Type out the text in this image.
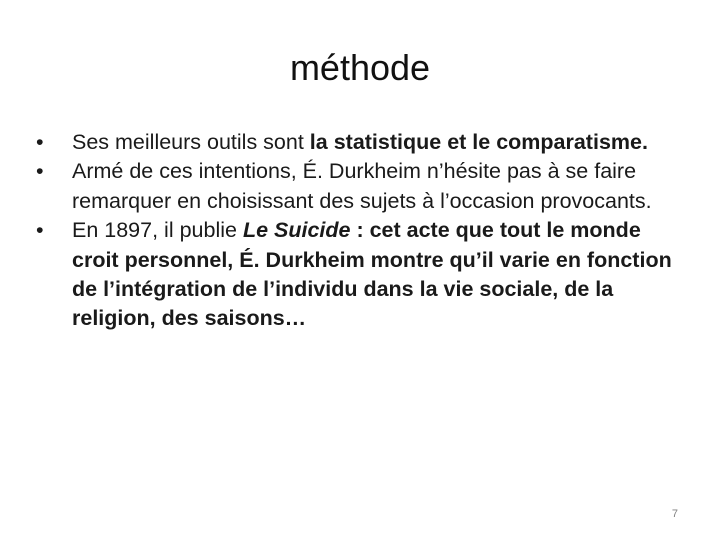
méthode
•	Ses meilleurs outils sont la statistique et le comparatisme.
•	Armé de ces intentions, É. Durkheim n’hésite pas à se faire remarquer en choisissant des sujets à l’occasion provocants.
•	En 1897, il publie Le Suicide : cet acte que tout le monde croit personnel, É. Durkheim montre qu’il varie en fonction de l’intégration de l’individu dans la vie sociale, de la religion, des saisons…
7
